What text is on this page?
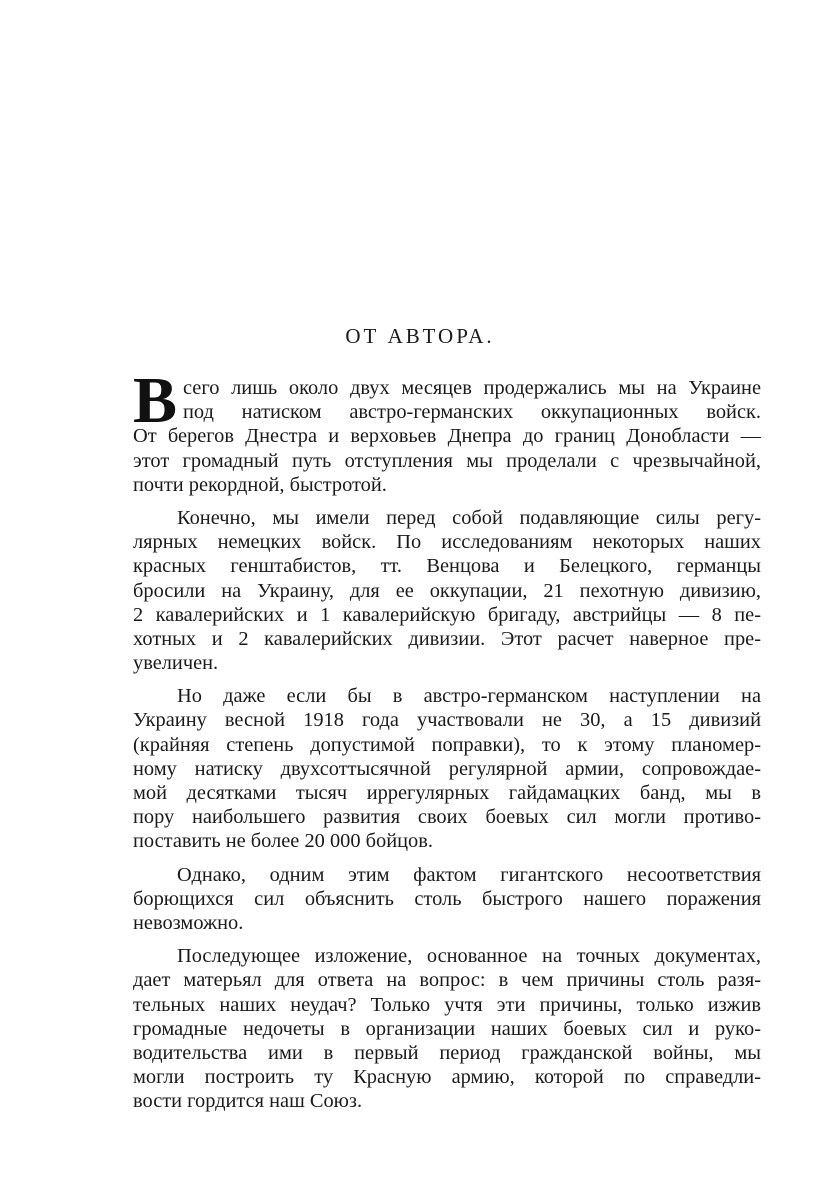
ОТ АВТОРА.
В сего лишь около двух месяцев продержались мы на Украине
под натиском австро-германских оккупационных войск.
От берегов Днестра и верховьев Днепра до границ Донобласти —
этот громадный путь отступления мы проделали с чрезвычайной,
почти рекордной, быстротой.
Конечно, мы имели перед собой подавляющие силы регу-
лярных немецких войск. По исследованиям некоторых наших
красных генштабистов, тт. Венцова и Белецкого, германцы
бросили на Украину, для ее оккупации, 21 пехотную дивизию,
2 кавалерийских и 1 кавалерийскую бригаду, австрийцы — 8 пе-
хотных и 2 кавалерийских дивизии. Этот расчет наверное пре-
увеличен.
Но даже если бы в австро-германском наступлении на
Украину весной 1918 года участвовали не 30, а 15 дивизий
(крайняя степень допустимой поправки), то к этому планомер-
ному натиску двухсоттысячной регулярной армии, сопровождае-
мой десятками тысяч иррегулярных гайдамацких банд, мы в
пору наибольшего развития своих боевых сил могли противо-
поставить не более 20 000 бойцов.
Однако, одним этим фактом гигантского несоответствия
борющихся сил объяснить столь быстрого нашего поражения
невозможно.
Последующее изложение, основанное на точных документах,
дает матерьял для ответа на вопрос: в чем причины столь разя-
тельных наших неудач? Только учтя эти причины, только изжив
громадные недочеты в организации наших боевых сил и руко-
водительства ими в первый период гражданской войны, мы
могли построить ту Красную армию, которой по справедли-
вости гордится наш Союз.
